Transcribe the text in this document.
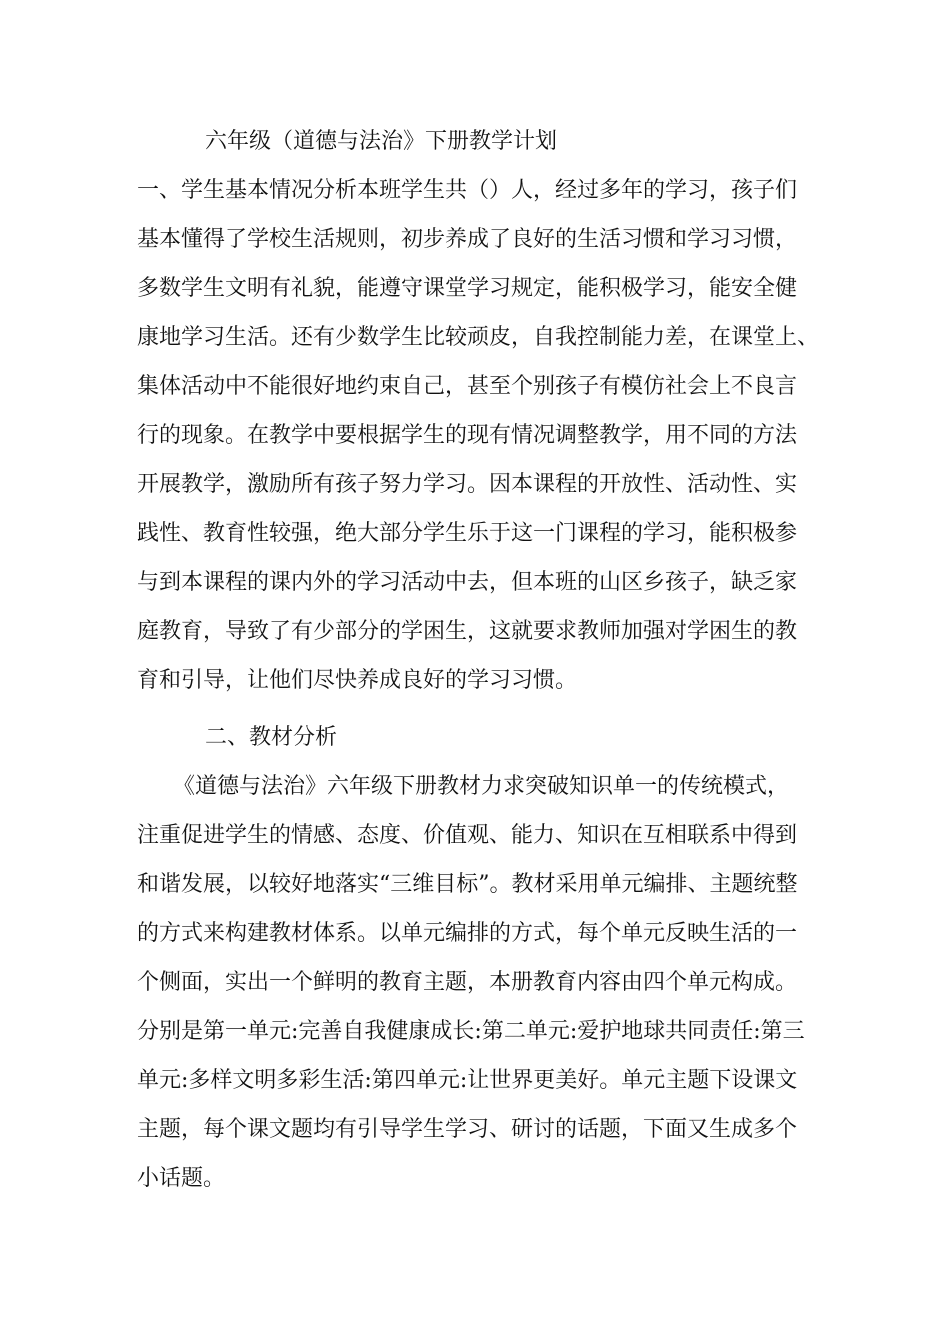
六年级（道德与法治》下册教学计划
一、学生基本情况分析本班学生共（）人，经过多年的学习，孩子们
基本懂得了学校生活规则，初步养成了良好的生活习惯和学习习惯，
多数学生文明有礼貌，能遵守课堂学习规定，能积极学习，能安全健
康地学习生活。还有少数学生比较顽皮，自我控制能力差，在课堂上、
集体活动中不能很好地约束自己，甚至个别孩子有模仿社会上不良言
行的现象。在教学中要根据学生的现有情况调整教学，用不同的方法
开展教学，激励所有孩子努力学习。因本课程的开放性、活动性、实
践性、教育性较强，绝大部分学生乐于这一门课程的学习，能积极参
与到本课程的课内外的学习活动中去，但本班的山区乡孩子，缺乏家
庭教育，导致了有少部分的学困生，这就要求教师加强对学困生的教
育和引导，让他们尽快养成良好的学习习惯。
二、教材分析
《道德与法治》六年级下册教材力求突破知识单一的传统模式，
注重促进学生的情感、态度、价值观、能力、知识在互相联系中得到
和谐发展，以较好地落实“三维目标”。教材采用单元编排、主题统整
的方式来构建教材体系。以单元编排的方式，每个单元反映生活的一
个侧面，实出一个鲜明的教育主题，本册教育内容由四个单元构成。
分别是第一单元:完善自我健康成长:第二单元:爱护地球共同责任:第三
单元:多样文明多彩生活:第四单元:让世界更美好。单元主题下设课文
主题，每个课文题均有引导学生学习、研讨的话题，下面又生成多个
小话题。
